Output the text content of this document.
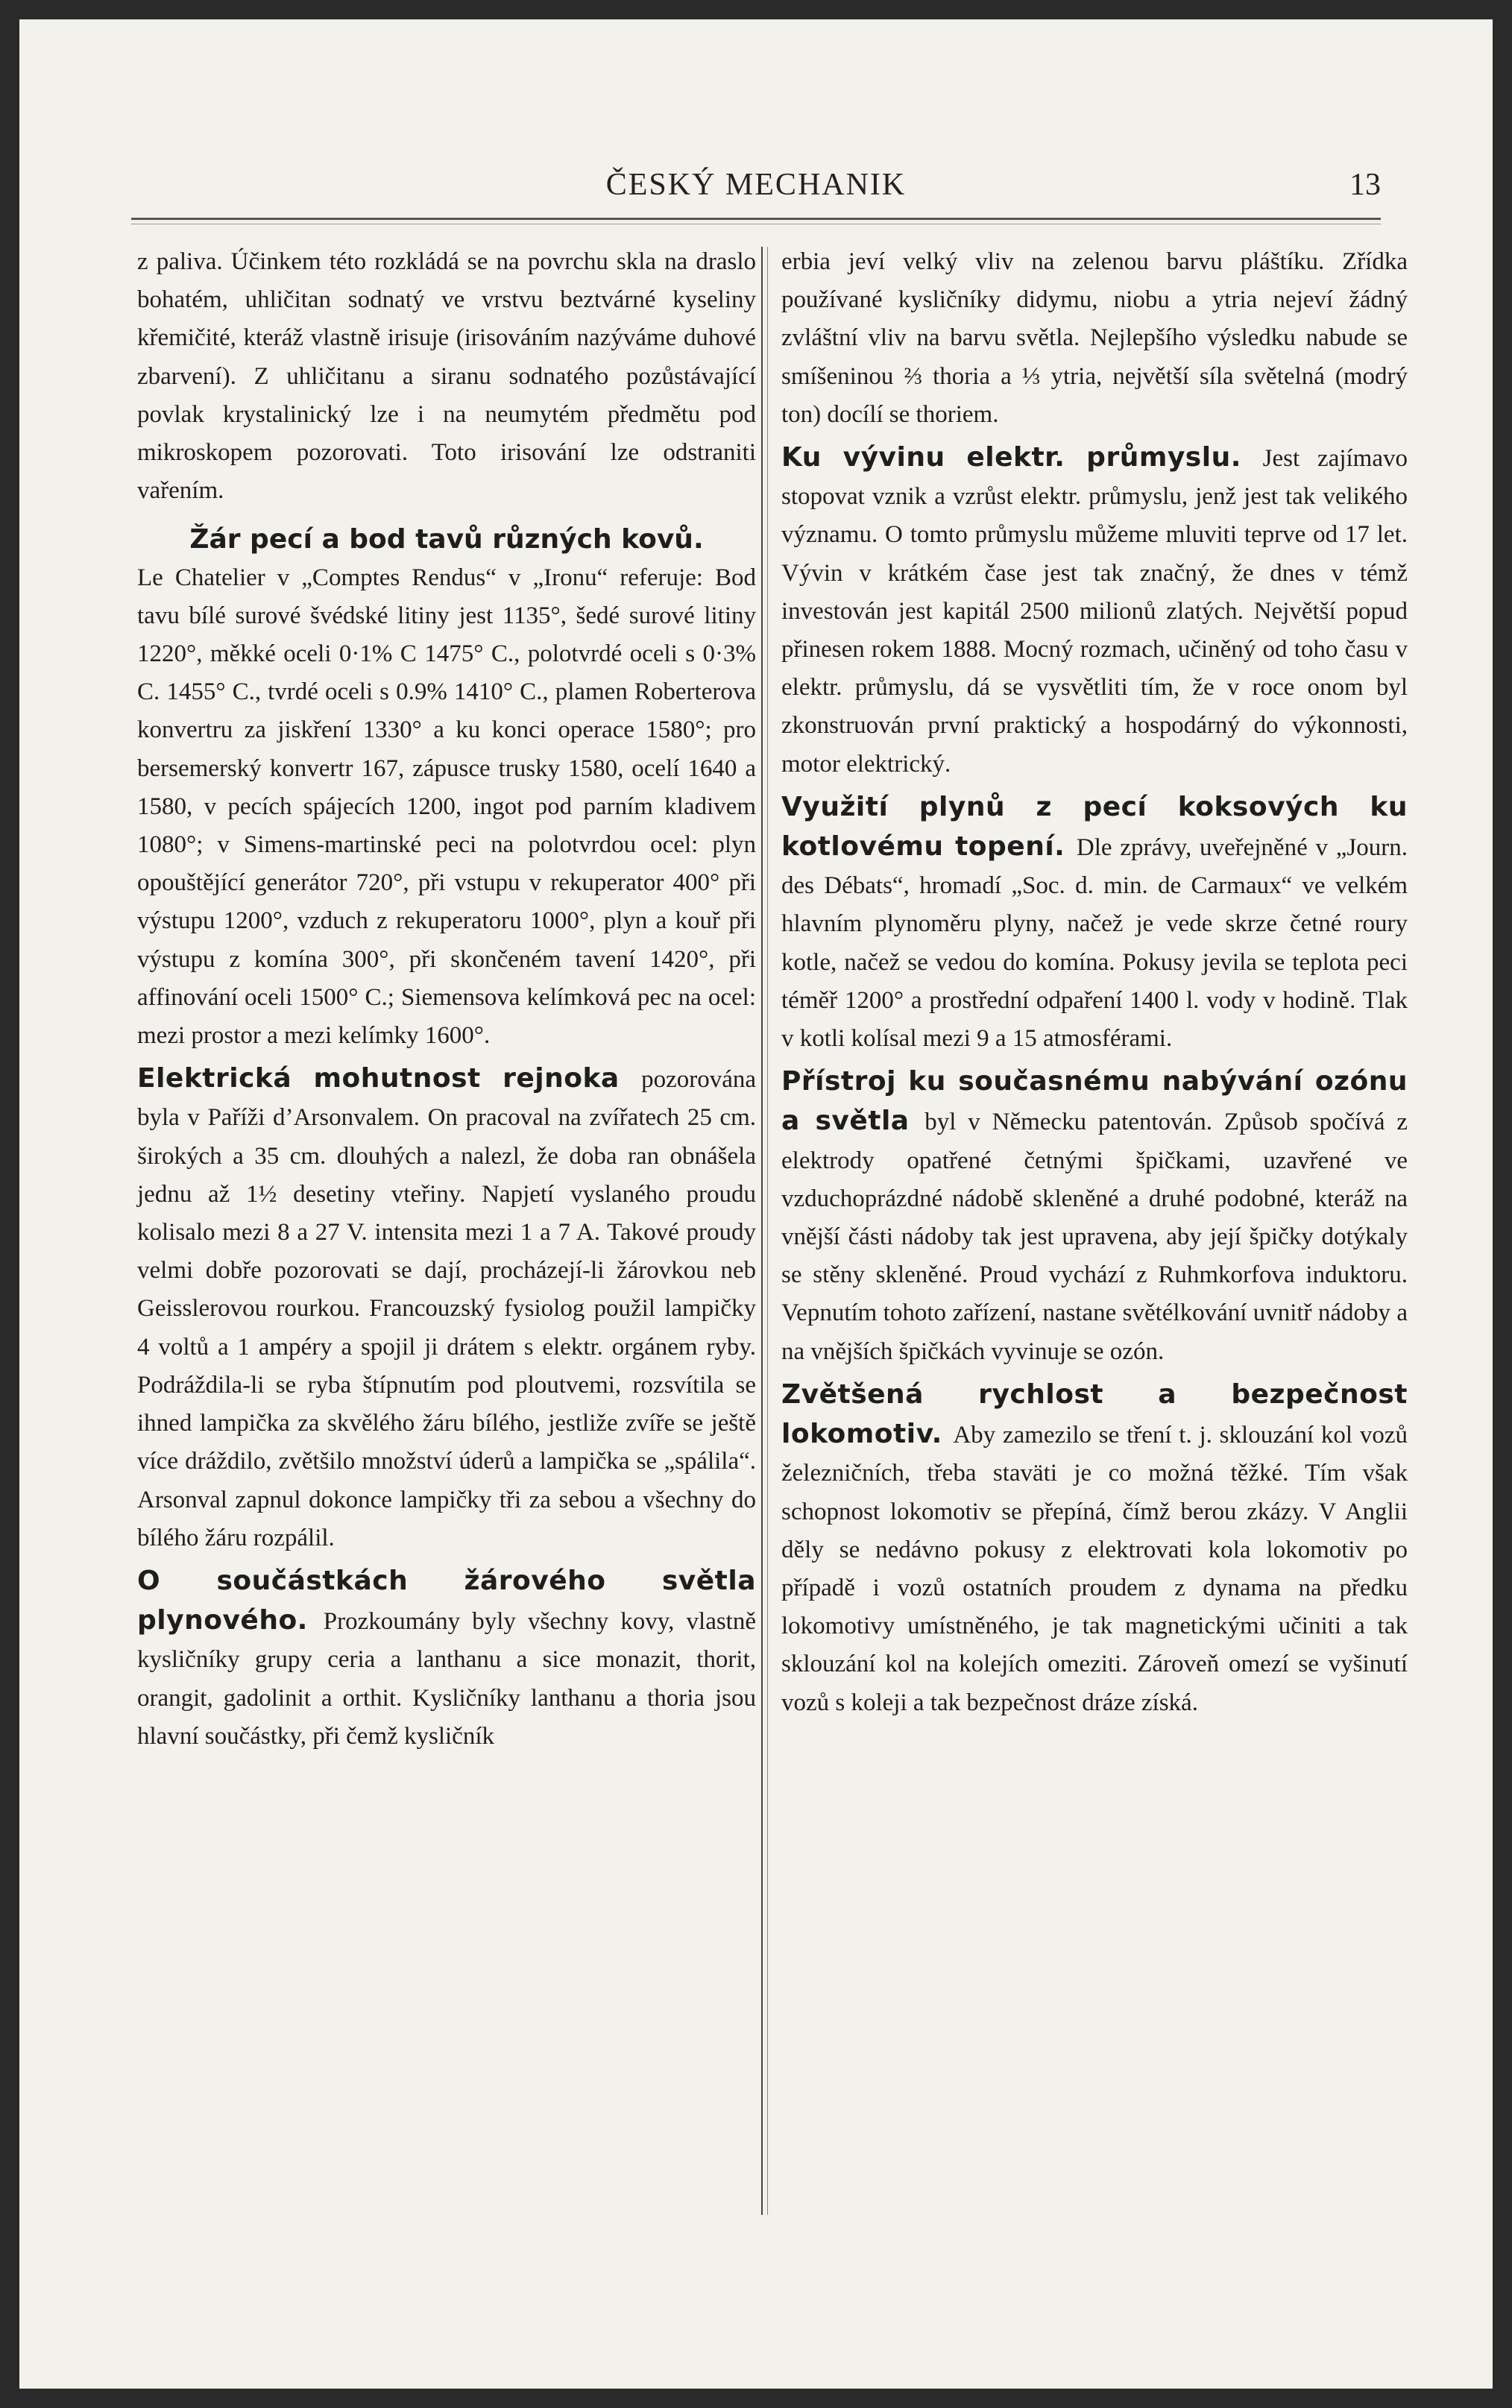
ČESKÝ MECHANIK	13

z paliva. Účinkem této rozkládá se na povrchu skla na draslo bohatém, uhličitan sodnatý ve vrstvu beztvárné kyseliny křemičité, kteráž vlastně irisuje (irisováním nazýváme duhové zbarvení). Z uhličitanu a siranu sodnatého pozůstávající povlak krystalinický lze i na neumytém předmětu pod mikroskopem pozorovati. Toto irisování lze odstraniti vařením.

Žár pecí a bod tavů různých kovů.
Le Chatelier v „Comptes Rendus“ v „Ironu“ referuje: Bod tavu bílé surové švédské litiny jest 1135°, šedé surové litiny 1220°, měkké oceli 0·1% C 1475° C., polotvrdé oceli s 0·3% C. 1455° C., tvrdé oceli s 0.9% 1410° C., plamen Roberterova konvertru za jiskření 1330° a ku konci operace 1580°; pro bersemerský konvertr 167, zápusce trusky 1580, ocelí 1640 a 1580, v pecích spájecích 1200, ingot pod parním kladivem 1080°; v Simens-martinské peci na polotvrdou ocel: plyn opouštějící generátor 720°, při vstupu v rekuperator 400° při výstupu 1200°, vzduch z rekuperatoru 1000°, plyn a kouř při výstupu z komína 300°, při skončeném tavení 1420°, při affinování oceli 1500° C.; Siemensova kelímková pec na ocel: mezi prostor a mezi kelímky 1600°.

Elektrická mohutnost rejnoka pozorována byla v Paříži d’Arsonvalem. On pracoval na zvířatech 25 cm. širokých a 35 cm. dlouhých a nalezl, že doba ran obnášela jednu až 1½ desetiny vteřiny. Napjetí vyslaného proudu kolisalo mezi 8 a 27 V. intensita mezi 1 a 7 A. Takové proudy velmi dobře pozorovati se dají, procházejí-li žárovkou neb Geisslerovou rourkou. Francouzský fysiolog použil lampičky 4 voltů a 1 ampéry a spojil ji drátem s elektr. orgánem ryby. Podráždila-li se ryba štípnutím pod ploutvemi, rozsvítila se ihned lampička za skvělého žáru bílého, jestliže zvíře se ještě více dráždilo, zvětšilo množství úderů a lampička se „spálila“. Arsonval zapnul dokonce lampičky tři za sebou a všechny do bílého žáru rozpálil.

O součástkách žárového světla plynového. Prozkoumány byly všechny kovy, vlastně kysličníky grupy ceria a lanthanu a sice monazit, thorit, orangit, gadolinit a orthit. Kysličníky lanthanu a thoria jsou hlavní součástky, při čemž kysličník

erbia jeví velký vliv na zelenou barvu pláštíku. Zřídka používané kysličníky didymu, niobu a ytria nejeví žádný zvláštní vliv na barvu světla. Nejlepšího výsledku nabude se smíšeninou ⅔ thoria a ⅓ ytria, největší síla světelná (modrý ton) docílí se thoriem.

Ku vývinu elektr. průmyslu. Jest zajímavo stopovat vznik a vzrůst elektr. průmyslu, jenž jest tak velikého významu. O tomto průmyslu můžeme mluviti teprve od 17 let. Vývin v krátkém čase jest tak značný, že dnes v témž investován jest kapitál 2500 milionů zlatých. Největší popud přinesen rokem 1888. Mocný rozmach, učiněný od toho času v elektr. průmyslu, dá se vysvětliti tím, že v roce onom byl zkonstruován první praktický a hospodárný do výkonnosti, motor elektrický.

Využití plynů z pecí koksových ku kotlovému topení. Dle zprávy, uveřejněné v „Journ. des Débats“, hromadí „Soc. d. min. de Carmaux“ ve velkém hlavním plynoměru plyny, načež je vede skrze četné roury kotle, načež se vedou do komína. Pokusy jevila se teplota peci téměř 1200° a prostřední odpaření 1400 l. vody v hodině. Tlak v kotli kolísal mezi 9 a 15 atmosférami.

Přístroj ku současnému nabývání ozónu a světla byl v Německu patentován. Způsob spočívá z elektrody opatřené četnými špičkami, uzavřené ve vzduchoprázdné nádobě skleněné a druhé podobné, kteráž na vnější části nádoby tak jest upravena, aby její špičky dotýkaly se stěny skleněné. Proud vychází z Ruhmkorfova induktoru. Vepnutím tohoto zařízení, nastane světélkování uvnitř nádoby a na vnějších špičkách vyvinuje se ozón.

Zvětšená rychlost a bezpečnost lokomotiv. Aby zamezilo se tření t. j. sklouzání kol vozů železničních, třeba staväti je co možná těžké. Tím však schopnost lokomotiv se přepíná, čímž berou zkázy. V Anglii děly se nedávno pokusy z elektrovati kola lokomotiv po případě i vozů ostatních proudem z dynama na předku lokomotivy umístněného, je tak magnetickými učiniti a tak sklouzání kol na kolejích omeziti. Zároveň omezí se vyšinutí vozů s koleji a tak bezpečnost dráze získá.
